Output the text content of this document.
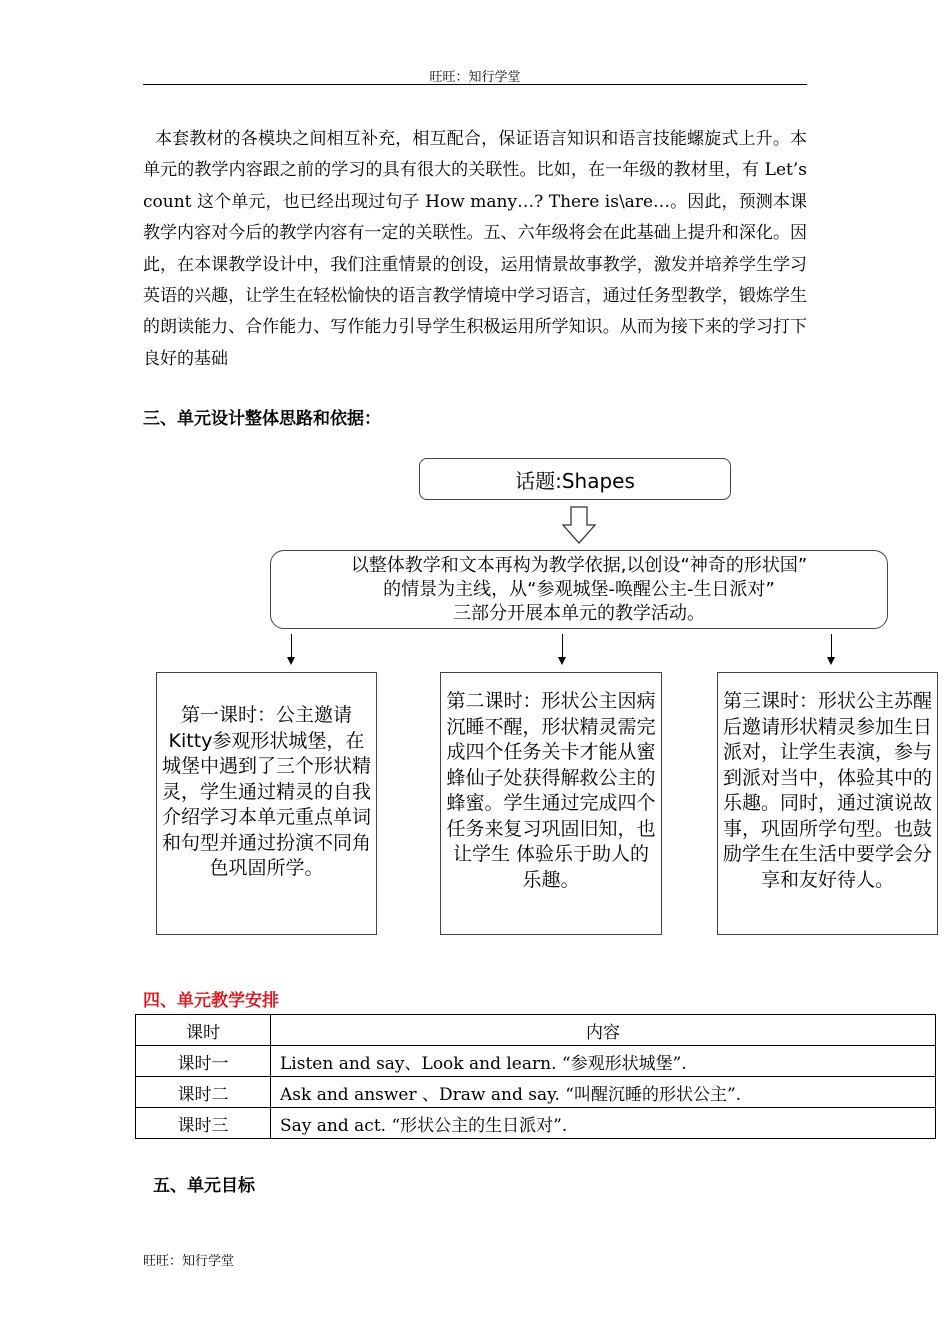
旺旺：知行学堂
本套教材的各模块之间相互补充，相互配合，保证语言知识和语言技能螺旋式上升。本单元的教学内容跟之前的学习的具有很大的关联性。比如，在一年级的教材里，有 Let’s count 这个单元，也已经出现过句子 How many…? There is\are…。因此，预测本课教学内容对今后的教学内容有一定的关联性。五、六年级将会在此基础上提升和深化。因此，在本课教学设计中，我们注重情景的创设，运用情景故事教学，激发并培养学生学习英语的兴趣，让学生在轻松愉快的语言教学情境中学习语言，通过任务型教学，锻炼学生的朗读能力、合作能力、写作能力引导学生积极运用所学知识。从而为接下来的学习打下良好的基础
三、单元设计整体思路和依据：
话题:Shapes
以整体教学和文本再构为教学依据,以创设“神奇的形状国”
的情景为主线，从“参观城堡-唤醒公主-生日派对”
三部分开展本单元的教学活动。
第一课时：公主邀请Kitty参观形状城堡，在城堡中遇到了三个形状精灵，学生通过精灵的自我介绍学习本单元重点单词和句型并通过扮演不同角色巩固所学。
第二课时：形状公主因病沉睡不醒，形状精灵需完成四个任务关卡才能从蜜蜂仙子处获得解救公主的蜂蜜。学生通过完成四个任务来复习巩固旧知，也让学生 体验乐于助人的乐趣。
第三课时：形状公主苏醒后邀请形状精灵参加生日派对，让学生表演，参与到派对当中，体验其中的乐趣。同时，通过演说故事，巩固所学句型。也鼓励学生在生活中要学会分享和友好待人。
四、单元教学安排
课时	内容
课时一	Listen and say、Look and learn. “参观形状城堡”.
课时二	Ask and answer 、Draw and say. “叫醒沉睡的形状公主”.
课时三	Say and act. “形状公主的生日派对”.
五、单元目标
旺旺：知行学堂
